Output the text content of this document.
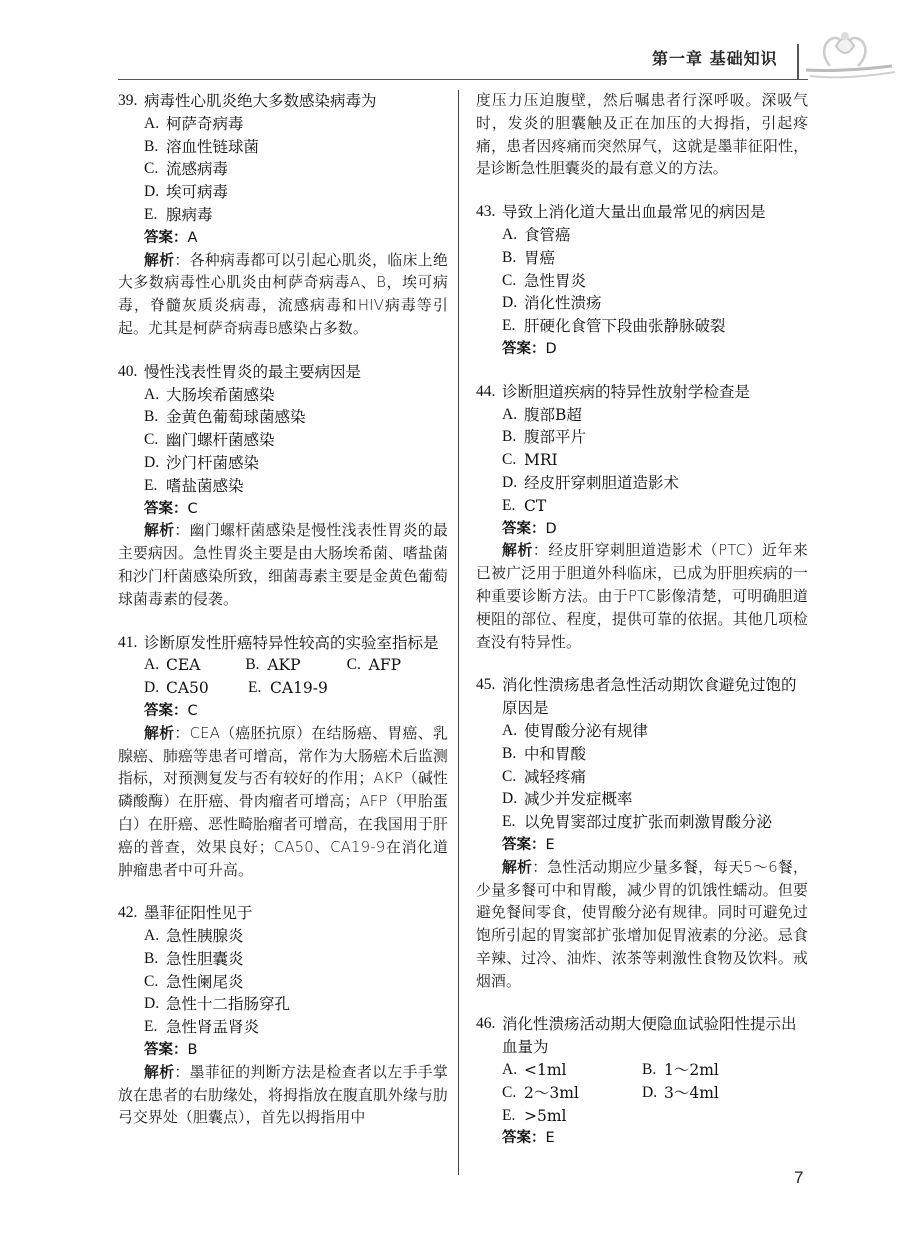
第一章 基础知识
39. 病毒性心肌炎绝大多数感染病毒为
A. 柯萨奇病毒
B. 溶血性链球菌
C. 流感病毒
D. 埃可病毒
E. 腺病毒
答案：A
解析：各种病毒都可以引起心肌炎，临床上绝大多数病毒性心肌炎由柯萨奇病毒A、B，埃可病毒，脊髓灰质炎病毒，流感病毒和HIV病毒等引起。尤其是柯萨奇病毒B感染占多数。
40. 慢性浅表性胃炎的最主要病因是
A. 大肠埃希菌感染
B. 金黄色葡萄球菌感染
C. 幽门螺杆菌感染
D. 沙门杆菌感染
E. 嗜盐菌感染
答案：C
解析：幽门螺杆菌感染是慢性浅表性胃炎的最主要病因。急性胃炎主要是由大肠埃希菌、嗜盐菌和沙门杆菌感染所致，细菌毒素主要是金黄色葡萄球菌毒素的侵袭。
41. 诊断原发性肝癌特异性较高的实验室指标是
A. CEA	B. AKP	C. AFP
D. CA50	E. CA19-9
答案：C
解析：CEA（癌胚抗原）在结肠癌、胃癌、乳腺癌、肺癌等患者可增高，常作为大肠癌术后监测指标，对预测复发与否有较好的作用；AKP（碱性磷酸酶）在肝癌、骨肉瘤者可增高；AFP（甲胎蛋白）在肝癌、恶性畸胎瘤者可增高，在我国用于肝癌的普查，效果良好；CA50、CA19-9在消化道肿瘤患者中可升高。
42. 墨菲征阳性见于
A. 急性胰腺炎
B. 急性胆囊炎
C. 急性阑尾炎
D. 急性十二指肠穿孔
E. 急性肾盂肾炎
答案：B
解析：墨菲征的判断方法是检查者以左手手掌放在患者的右肋缘处，将拇指放在腹直肌外缘与肋弓交界处（胆囊点），首先以拇指用中
度压力压迫腹壁，然后嘱患者行深呼吸。深吸气时，发炎的胆囊触及正在加压的大拇指，引起疼痛，患者因疼痛而突然屏气，这就是墨菲征阳性，是诊断急性胆囊炎的最有意义的方法。
43. 导致上消化道大量出血最常见的病因是
A. 食管癌
B. 胃癌
C. 急性胃炎
D. 消化性溃疡
E. 肝硬化食管下段曲张静脉破裂
答案：D
44. 诊断胆道疾病的特异性放射学检查是
A. 腹部B超
B. 腹部平片
C. MRI
D. 经皮肝穿刺胆道造影术
E. CT
答案：D
解析：经皮肝穿刺胆道造影术（PTC）近年来已被广泛用于胆道外科临床，已成为肝胆疾病的一种重要诊断方法。由于PTC影像清楚，可明确胆道梗阻的部位、程度，提供可靠的依据。其他几项检查没有特异性。
45. 消化性溃疡患者急性活动期饮食避免过饱的原因是
A. 使胃酸分泌有规律
B. 中和胃酸
C. 减轻疼痛
D. 减少并发症概率
E. 以免胃窦部过度扩张而刺激胃酸分泌
答案：E
解析：急性活动期应少量多餐，每天5～6餐，少量多餐可中和胃酸，减少胃的饥饿性蠕动。但要避免餐间零食，使胃酸分泌有规律。同时可避免过饱所引起的胃窦部扩张增加促胃液素的分泌。忌食辛辣、过冷、油炸、浓茶等刺激性食物及饮料。戒烟酒。
46. 消化性溃疡活动期大便隐血试验阳性提示出血量为
A. <1ml	B. 1～2ml
C. 2～3ml	D. 3～4ml
E. >5ml
答案：E
7
